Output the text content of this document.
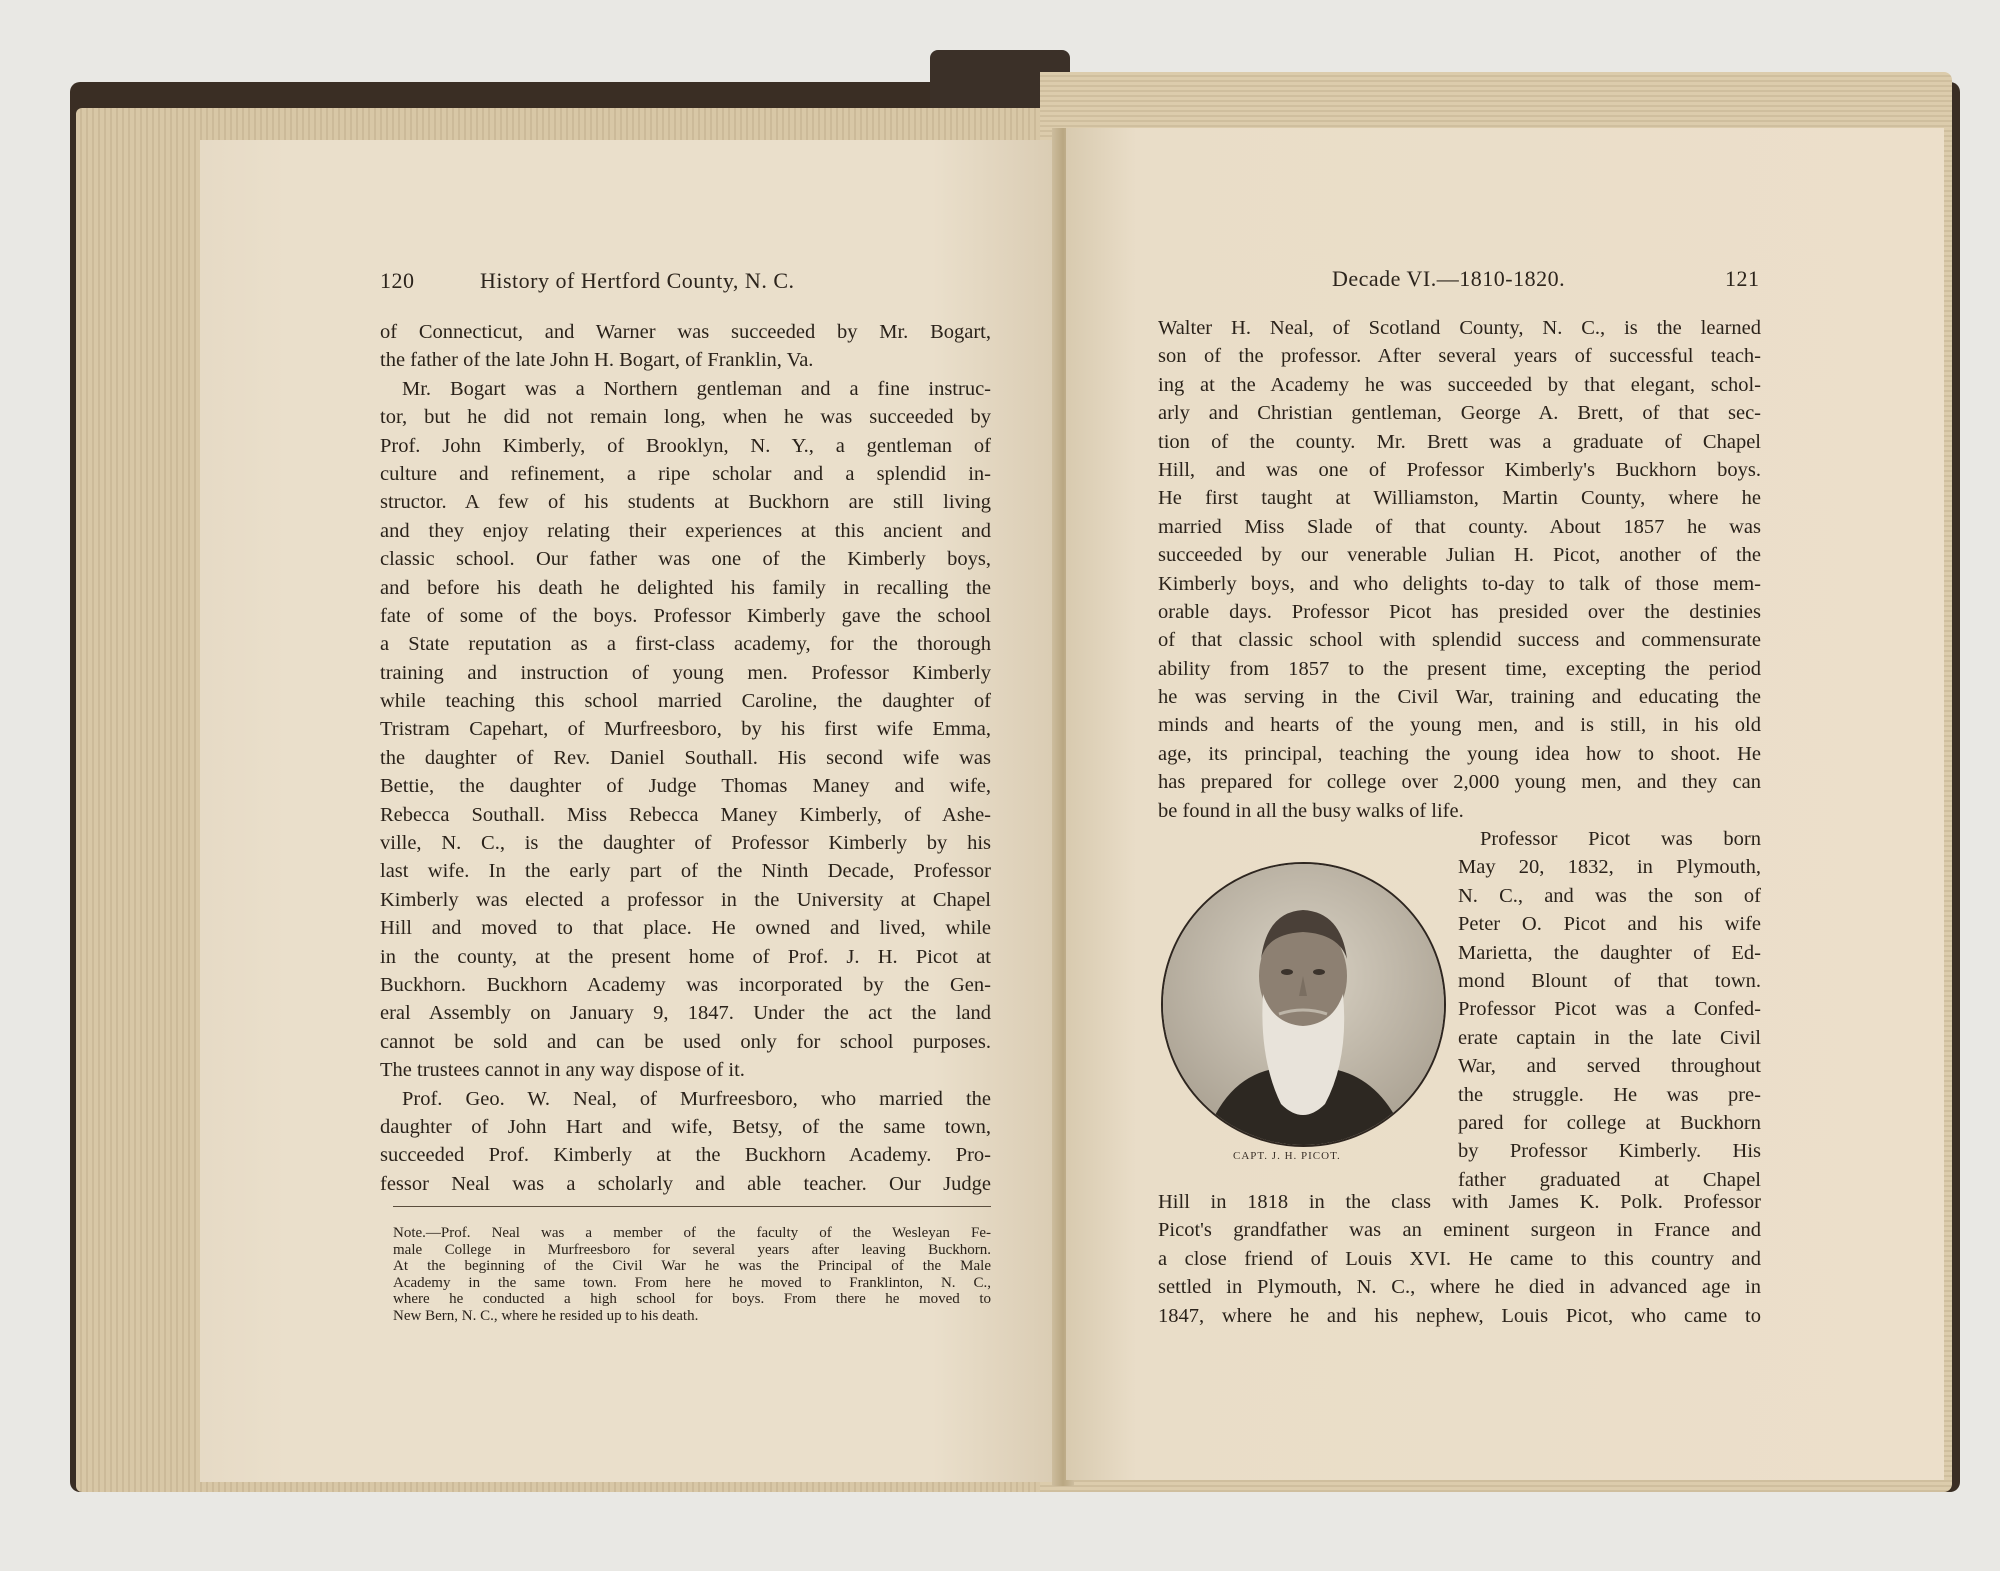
120	History of Hertford County, N. C.
of Connecticut, and Warner was succeeded by Mr. Bogart,
the father of the late John H. Bogart, of Franklin, Va.
Mr. Bogart was a Northern gentleman and a fine instruc-
tor, but he did not remain long, when he was succeeded by
Prof. John Kimberly, of Brooklyn, N. Y., a gentleman of
culture and refinement, a ripe scholar and a splendid in-
structor. A few of his students at Buckhorn are still living
and they enjoy relating their experiences at this ancient and
classic school. Our father was one of the Kimberly boys,
and before his death he delighted his family in recalling the
fate of some of the boys. Professor Kimberly gave the school
a State reputation as a first-class academy, for the thorough
training and instruction of young men. Professor Kimberly
while teaching this school married Caroline, the daughter of
Tristram Capehart, of Murfreesboro, by his first wife Emma,
the daughter of Rev. Daniel Southall. His second wife was
Bettie, the daughter of Judge Thomas Maney and wife,
Rebecca Southall. Miss Rebecca Maney Kimberly, of Ashe-
ville, N. C., is the daughter of Professor Kimberly by his
last wife. In the early part of the Ninth Decade, Professor
Kimberly was elected a professor in the University at Chapel
Hill and moved to that place. He owned and lived, while
in the county, at the present home of Prof. J. H. Picot at
Buckhorn. Buckhorn Academy was incorporated by the Gen-
eral Assembly on January 9, 1847. Under the act the land
cannot be sold and can be used only for school purposes.
The trustees cannot in any way dispose of it.
Prof. Geo. W. Neal, of Murfreesboro, who married the
daughter of John Hart and wife, Betsy, of the same town,
succeeded Prof. Kimberly at the Buckhorn Academy. Pro-
fessor Neal was a scholarly and able teacher. Our Judge
Note.—Prof. Neal was a member of the faculty of the Wesleyan Fe-
male College in Murfreesboro for several years after leaving Buckhorn.
At the beginning of the Civil War he was the Principal of the Male
Academy in the same town. From here he moved to Franklinton, N. C.,
where he conducted a high school for boys. From there he moved to
New Bern, N. C., where he resided up to his death.
Decade VI.—1810-1820.	121
Walter H. Neal, of Scotland County, N. C., is the learned
son of the professor. After several years of successful teach-
ing at the Academy he was succeeded by that elegant, schol-
arly and Christian gentleman, George A. Brett, of that sec-
tion of the county. Mr. Brett was a graduate of Chapel
Hill, and was one of Professor Kimberly's Buckhorn boys.
He first taught at Williamston, Martin County, where he
married Miss Slade of that county. About 1857 he was
succeeded by our venerable Julian H. Picot, another of the
Kimberly boys, and who delights to-day to talk of those mem-
orable days. Professor Picot has presided over the destinies
of that classic school with splendid success and commensurate
ability from 1857 to the present time, excepting the period
he was serving in the Civil War, training and educating the
minds and hearts of the young men, and is still, in his old
age, its principal, teaching the young idea how to shoot. He
has prepared for college over 2,000 young men, and they can
be found in all the busy walks of life.
Professor Picot was born
May 20, 1832, in Plymouth,
N. C., and was the son of
Peter O. Picot and his wife
Marietta, the daughter of Ed-
mond Blount of that town.
Professor Picot was a Confed-
erate captain in the late Civil
War, and served throughout
the struggle. He was pre-
pared for college at Buckhorn
by Professor Kimberly. His
father graduated at Chapel
CAPT. J. H. PICOT.
Hill in 1818 in the class with James K. Polk. Professor
Picot's grandfather was an eminent surgeon in France and
a close friend of Louis XVI. He came to this country and
settled in Plymouth, N. C., where he died in advanced age in
1847, where he and his nephew, Louis Picot, who came to
